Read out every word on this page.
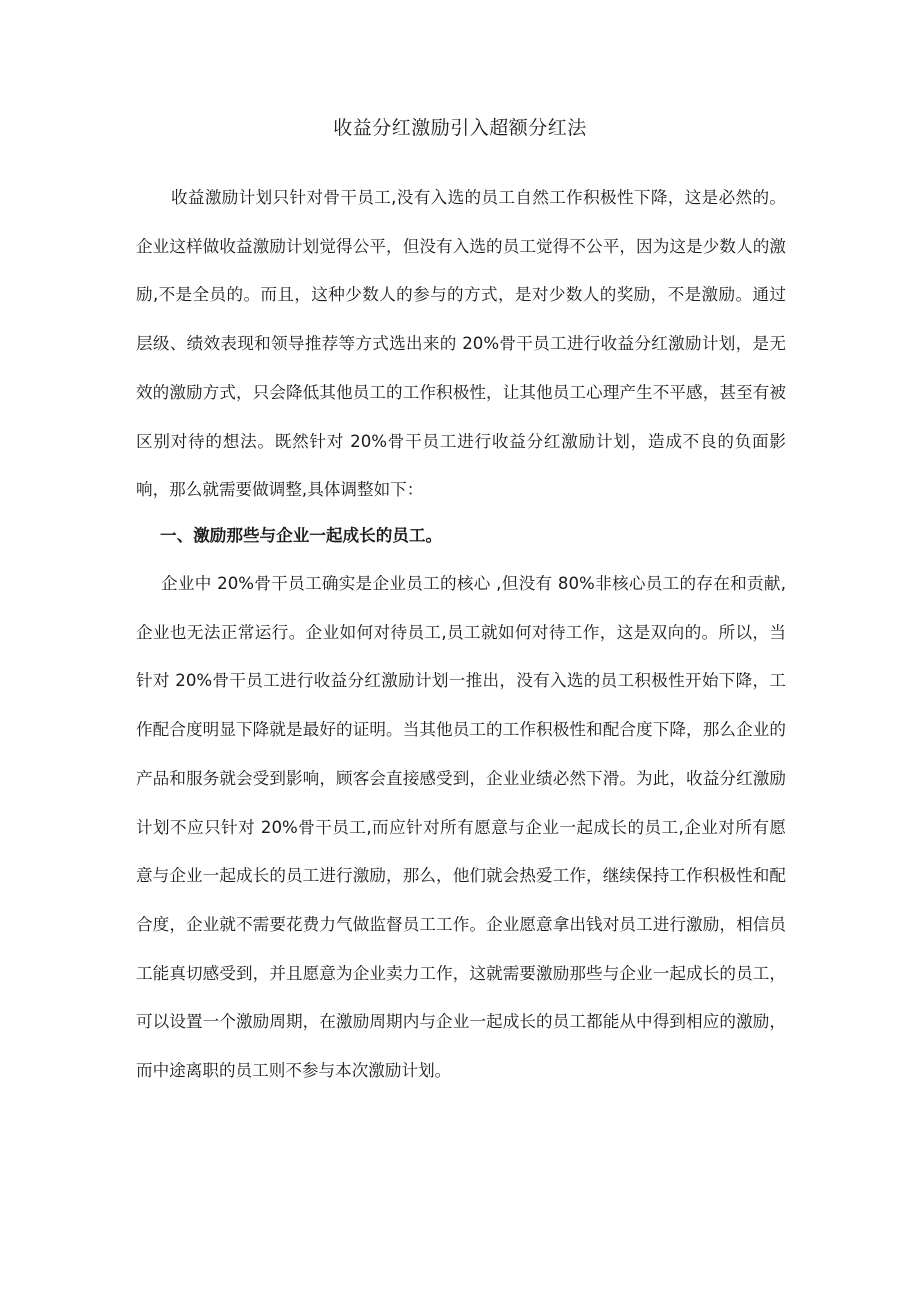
收益分红激励引入超额分红法

收益激励计划只针对骨干员工,没有入选的员工自然工作积极性下降，这是必然的。企业这样做收益激励计划觉得公平，但没有入选的员工觉得不公平，因为这是少数人的激励,不是全员的。而且，这种少数人的参与的方式，是对少数人的奖励，不是激励。通过层级、绩效表现和领导推荐等方式选出来的 20%骨干员工进行收益分红激励计划，是无效的激励方式，只会降低其他员工的工作积极性，让其他员工心理产生不平感，甚至有被区别对待的想法。既然针对 20%骨干员工进行收益分红激励计划，造成不良的负面影响，那么就需要做调整,具体调整如下：

一、激励那些与企业一起成长的员工。

企业中 20%骨干员工确实是企业员工的核心 ,但没有 80%非核心员工的存在和贡献,企业也无法正常运行。企业如何对待员工,员工就如何对待工作，这是双向的。所以，当针对 20%骨干员工进行收益分红激励计划一推出，没有入选的员工积极性开始下降，工作配合度明显下降就是最好的证明。当其他员工的工作积极性和配合度下降，那么企业的产品和服务就会受到影响，顾客会直接感受到，企业业绩必然下滑。为此，收益分红激励计划不应只针对 20%骨干员工,而应针对所有愿意与企业一起成长的员工,企业对所有愿意与企业一起成长的员工进行激励，那么，他们就会热爱工作，继续保持工作积极性和配合度，企业就不需要花费力气做监督员工工作。企业愿意拿出钱对员工进行激励，相信员工能真切感受到，并且愿意为企业卖力工作，这就需要激励那些与企业一起成长的员工，可以设置一个激励周期，在激励周期内与企业一起成长的员工都能从中得到相应的激励，而中途离职的员工则不参与本次激励计划。
